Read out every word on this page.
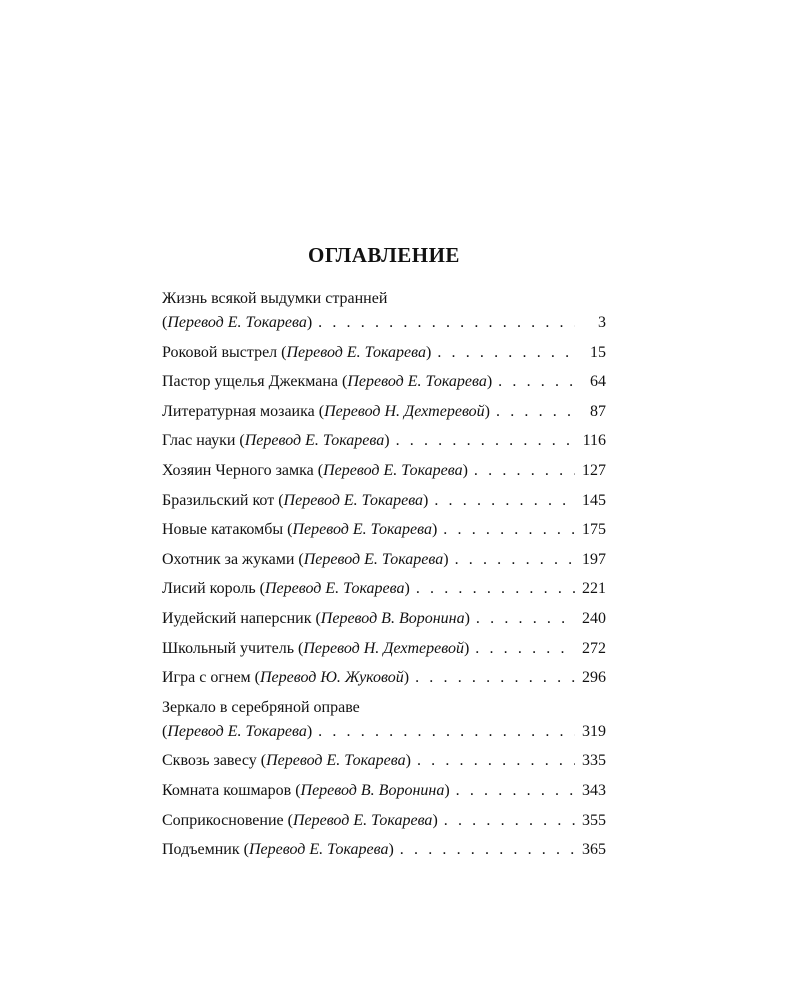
ОГЛАВЛЕНИЕ
Жизнь всякой выдумки странней
(Перевод Е. Токарева) . . .	3
Роковой выстрел (Перевод Е. Токарева) . . .	15
Пастор ущелья Джекмана (Перевод Е. Токарева) . . .	64
Литературная мозаика (Перевод Н. Дехтеревой) . . .	87
Глас науки (Перевод Е. Токарева) . . .	116
Хозяин Черного замка (Перевод Е. Токарева) . . .	127
Бразильский кот (Перевод Е. Токарева) . . .	145
Новые катакомбы (Перевод Е. Токарева) . . .	175
Охотник за жуками (Перевод Е. Токарева) . . .	197
Лисий король (Перевод Е. Токарева) . . .	221
Иудейский наперсник (Перевод В. Воронина) . . .	240
Школьный учитель (Перевод Н. Дехтеревой) . . .	272
Игра с огнем (Перевод Ю. Жуковой) . . .	296
Зеркало в серебряной оправе
(Перевод Е. Токарева) . . .	319
Сквозь завесу (Перевод Е. Токарева) . . .	335
Комната кошмаров (Перевод В. Воронина) . . .	343
Соприкосновение (Перевод Е. Токарева) . . .	355
Подъемник (Перевод Е. Токарева) . . .	365
